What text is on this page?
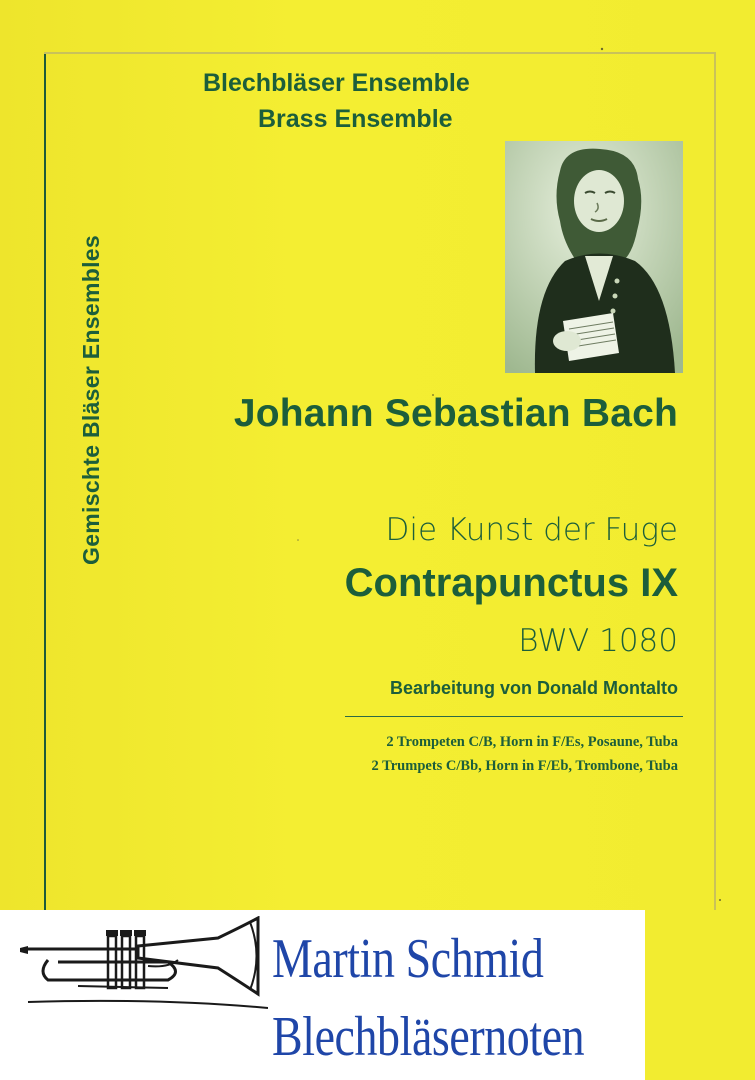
Gemischte Bläser Ensembles
Blechbläser Ensemble
Brass Ensemble
Johann Sebastian Bach
Die Kunst der Fuge
Contrapunctus IX
BWV 1080
Bearbeitung von Donald Montalto
2 Trompeten C/B, Horn in F/Es, Posaune, Tuba
2 Trumpets C/Bb, Horn in F/Eb, Trombone, Tuba
Martin Schmid
Blechbläsernoten
